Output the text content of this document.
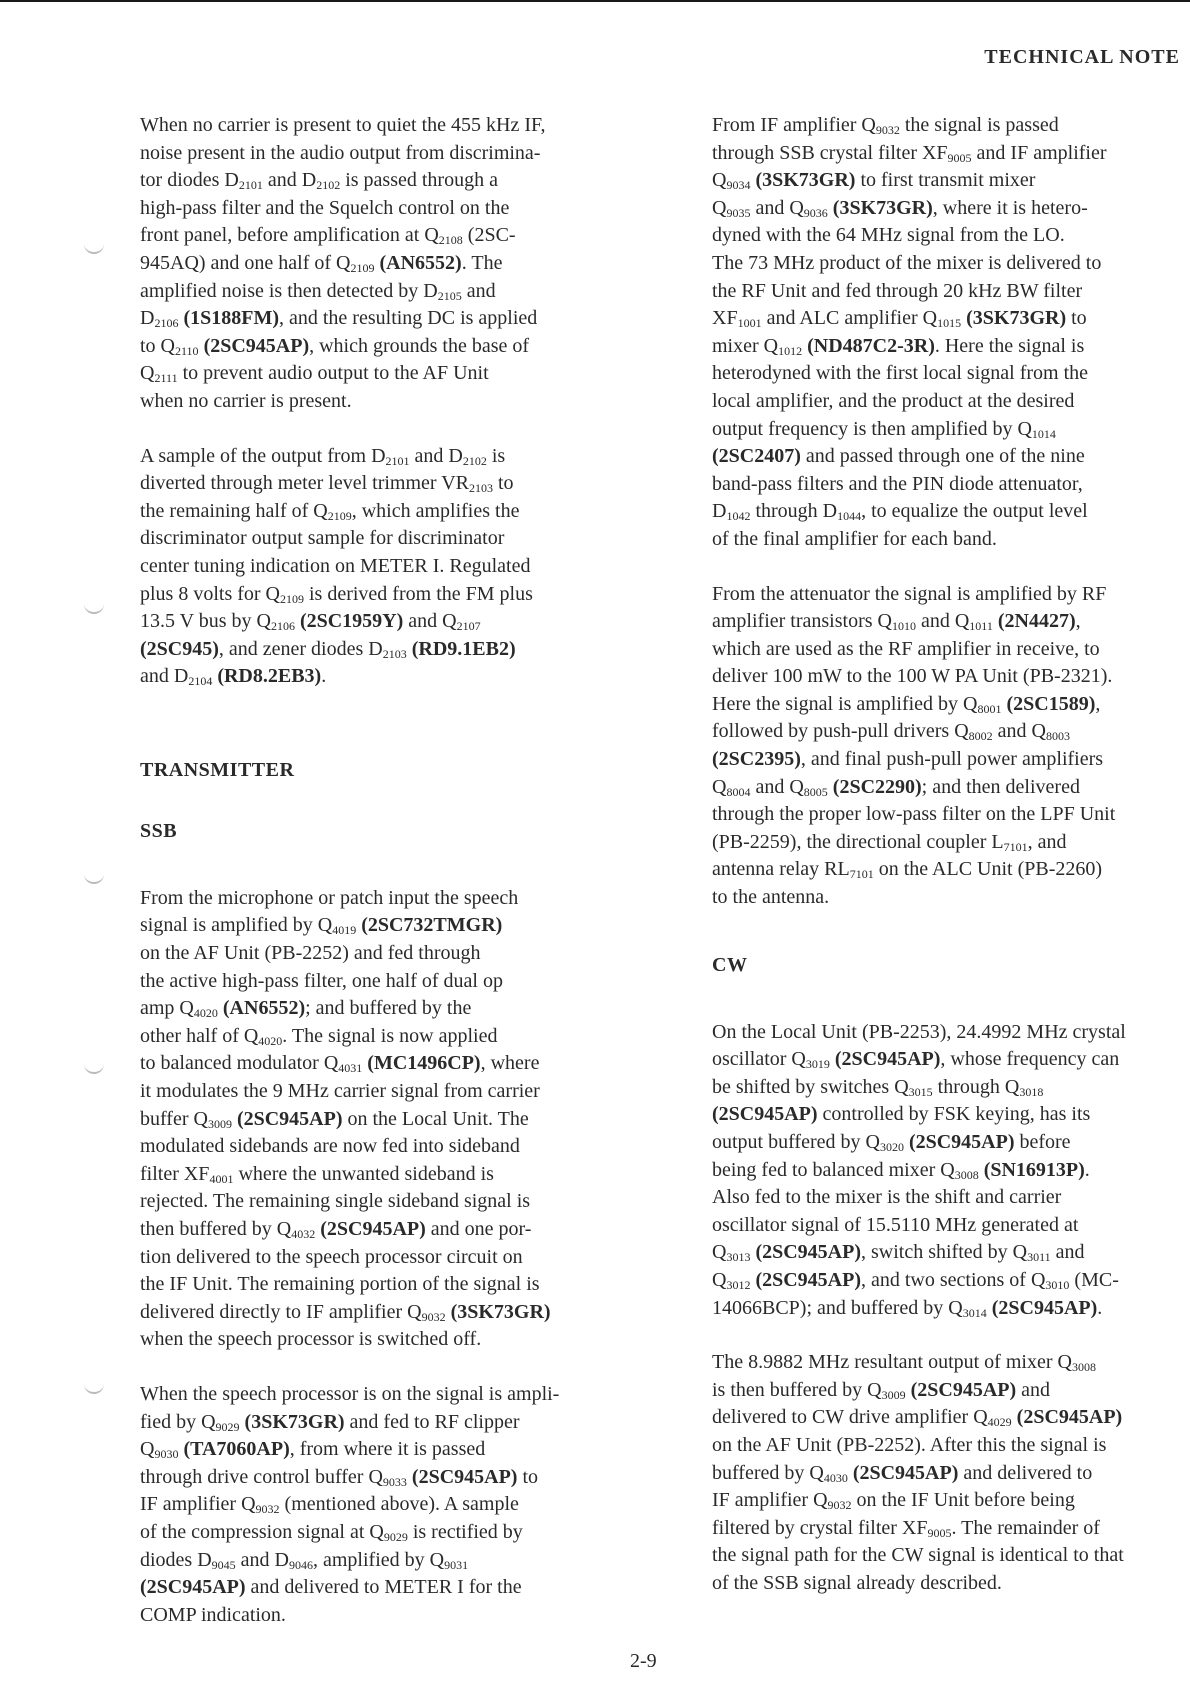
TECHNICAL NOTE

When no carrier is present to quiet the 455 kHz IF,
noise present in the audio output from discrimina-
tor diodes $D_{2101}$ and $D_{2102}$ is passed through a
high-pass filter and the Squelch control on the
front panel, before amplification at $Q_{2108}$ (2SC-
945AQ) and one half of $Q_{2109}$ (AN6552). The
amplified noise is then detected by $D_{2105}$ and
$D_{2106}$ (1S188FM), and the resulting DC is applied
to $Q_{2110}$ (2SC945AP), which grounds the base of
$Q_{2111}$ to prevent audio output to the AF Unit
when no carrier is present.

A sample of the output from $D_{2101}$ and $D_{2102}$ is
diverted through meter level trimmer $VR_{2103}$ to
the remaining half of $Q_{2109}$, which amplifies the
discriminator output sample for discriminator
center tuning indication on METER I. Regulated
plus 8 volts for $Q_{2109}$ is derived from the FM plus
13.5 V bus by $Q_{2106}$ (2SC1959Y) and $Q_{2107}$
(2SC945), and zener diodes $D_{2103}$ (RD9.1EB2)
and $D_{2104}$ (RD8.2EB3).

TRANSMITTER
SSB

From the microphone or patch input the speech
signal is amplified by $Q_{4019}$ (2SC732TMGR)
on the AF Unit (PB-2252) and fed through
the active high-pass filter, one half of dual op
amp $Q_{4020}$ (AN6552); and buffered by the
other half of $Q_{4020}$. The signal is now applied
to balanced modulator $Q_{4031}$ (MC1496CP), where
it modulates the 9 MHz carrier signal from carrier
buffer $Q_{3009}$ (2SC945AP) on the Local Unit. The
modulated sidebands are now fed into sideband
filter $XF_{4001}$ where the unwanted sideband is
rejected. The remaining single sideband signal is
then buffered by $Q_{4032}$ (2SC945AP) and one por-
tion delivered to the speech processor circuit on
the IF Unit. The remaining portion of the signal is
delivered directly to IF amplifier $Q_{9032}$ (3SK73GR)
when the speech processor is switched off.

When the speech processor is on the signal is ampli-
fied by $Q_{9029}$ (3SK73GR) and fed to RF clipper
$Q_{9030}$ (TA7060AP), from where it is passed
through drive control buffer $Q_{9033}$ (2SC945AP) to
IF amplifier $Q_{9032}$ (mentioned above). A sample
of the compression signal at $Q_{9029}$ is rectified by
diodes $D_{9045}$ and $D_{9046}$, amplified by $Q_{9031}$
(2SC945AP) and delivered to METER I for the
COMP indication.

From IF amplifier $Q_{9032}$ the signal is passed
through SSB crystal filter $XF_{9005}$ and IF amplifier
$Q_{9034}$ (3SK73GR) to first transmit mixer
$Q_{9035}$ and $Q_{9036}$ (3SK73GR), where it is hetero-
dyned with the 64 MHz signal from the LO.
The 73 MHz product of the mixer is delivered to
the RF Unit and fed through 20 kHz BW filter
$XF_{1001}$ and ALC amplifier $Q_{1015}$ (3SK73GR) to
mixer $Q_{1012}$ (ND487C2-3R). Here the signal is
heterodyned with the first local signal from the
local amplifier, and the product at the desired
output frequency is then amplified by $Q_{1014}$
(2SC2407) and passed through one of the nine
band-pass filters and the PIN diode attenuator,
$D_{1042}$ through $D_{1044}$, to equalize the output level
of the final amplifier for each band.

From the attenuator the signal is amplified by RF
amplifier transistors $Q_{1010}$ and $Q_{1011}$ (2N4427),
which are used as the RF amplifier in receive, to
deliver 100 mW to the 100 W PA Unit (PB-2321).
Here the signal is amplified by $Q_{8001}$ (2SC1589),
followed by push-pull drivers $Q_{8002}$ and $Q_{8003}$
(2SC2395), and final push-pull power amplifiers
$Q_{8004}$ and $Q_{8005}$ (2SC2290); and then delivered
through the proper low-pass filter on the LPF Unit
(PB-2259), the directional coupler $L_{7101}$, and
antenna relay $RL_{7101}$ on the ALC Unit (PB-2260)
to the antenna.

CW

On the Local Unit (PB-2253), 24.4992 MHz crystal
oscillator $Q_{3019}$ (2SC945AP), whose frequency can
be shifted by switches $Q_{3015}$ through $Q_{3018}$
(2SC945AP) controlled by FSK keying, has its
output buffered by $Q_{3020}$ (2SC945AP) before
being fed to balanced mixer $Q_{3008}$ (SN16913P).
Also fed to the mixer is the shift and carrier
oscillator signal of 15.5110 MHz generated at
$Q_{3013}$ (2SC945AP), switch shifted by $Q_{3011}$ and
$Q_{3012}$ (2SC945AP), and two sections of $Q_{3010}$ (MC-
14066BCP); and buffered by $Q_{3014}$ (2SC945AP).

The 8.9882 MHz resultant output of mixer $Q_{3008}$
is then buffered by $Q_{3009}$ (2SC945AP) and
delivered to CW drive amplifier $Q_{4029}$ (2SC945AP)
on the AF Unit (PB-2252). After this the signal is
buffered by $Q_{4030}$ (2SC945AP) and delivered to
IF amplifier $Q_{9032}$ on the IF Unit before being
filtered by crystal filter $XF_{9005}$. The remainder of
the signal path for the CW signal is identical to that
of the SSB signal already described.

2-9
